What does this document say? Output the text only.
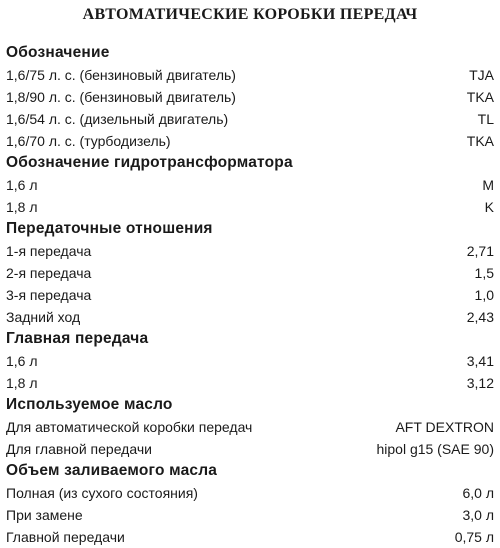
АВТОМАТИЧЕСКИЕ КОРОБКИ ПЕРЕДАЧ
Обозначение
1,6/75 л. с. (бензиновый двигатель)	TJA
1,8/90 л. с. (бензиновый двигатель)	TKA
1,6/54 л. с. (дизельный двигатель)	TL
1,6/70 л. с. (турбодизель)	TKA
Обозначение гидротрансформатора
1,6 л	M
1,8 л	K
Передаточные отношения
1-я передача	2,71
2-я передача	1,5
3-я передача	1,0
Задний ход	2,43
Главная передача
1,6 л	3,41
1,8 л	3,12
Используемое масло
Для автоматической коробки передач	AFT DEXTRON
Для главной передачи	hipol g15 (SAE 90)
Объем заливаемого масла
Полная (из сухого состояния)	6,0 л
При замене	3,0 л
Главной передачи	0,75 л
